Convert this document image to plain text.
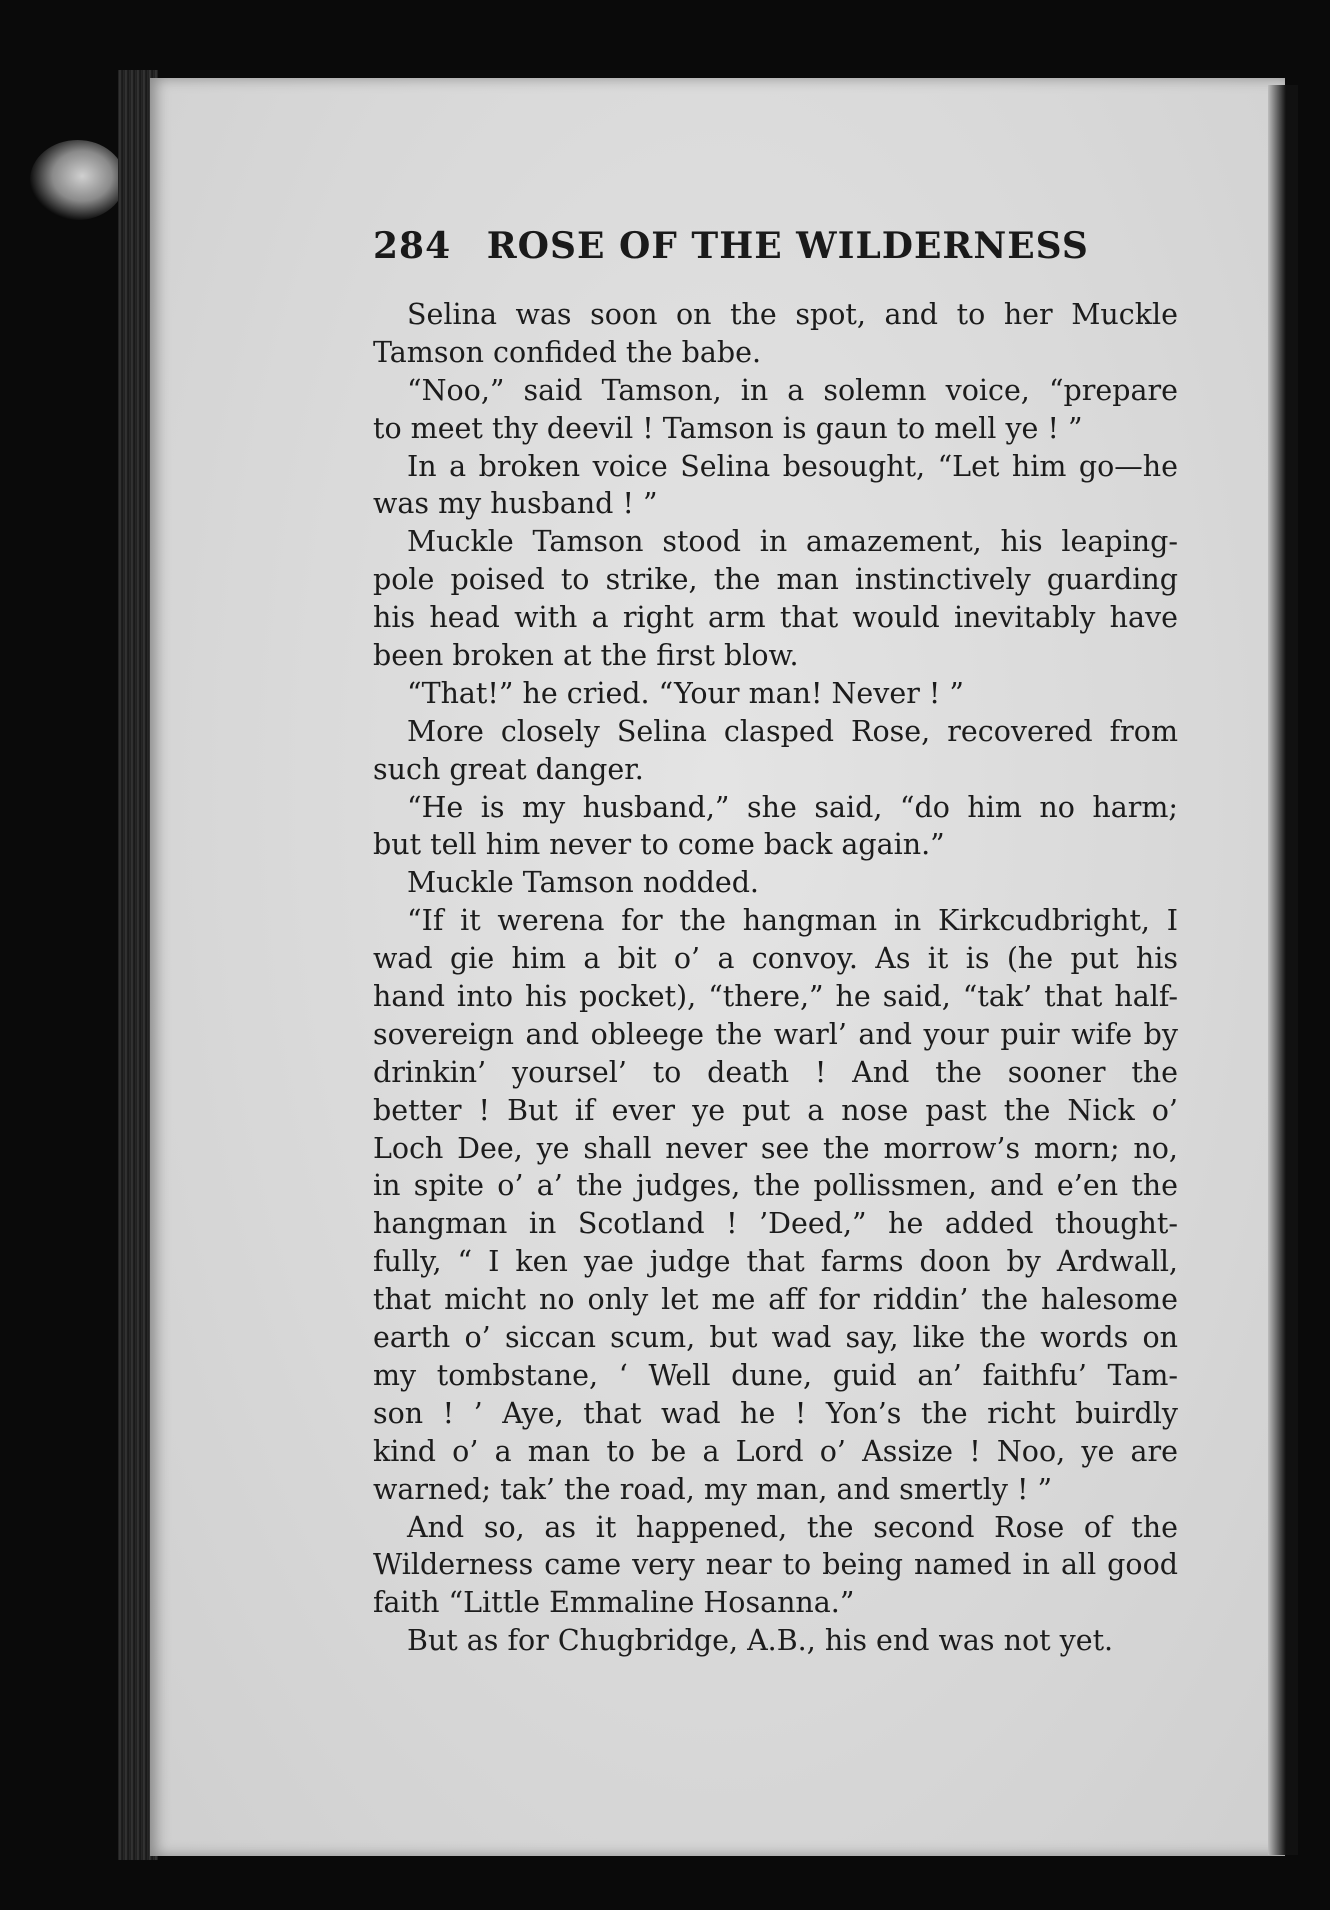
284 ROSE OF THE WILDERNESS
Selina was soon on the spot, and to her Muckle
Tamson confided the babe.
“Noo,” said Tamson, in a solemn voice, “prepare
to meet thy deevil ! Tamson is gaun to mell ye ! ”
In a broken voice Selina besought, “Let him go—he
was my husband ! ”
Muckle Tamson stood in amazement, his leaping-
pole poised to strike, the man instinctively guarding
his head with a right arm that would inevitably have
been broken at the first blow.
“That!” he cried. “Your man! Never ! ”
More closely Selina clasped Rose, recovered from
such great danger.
“He is my husband,” she said, “do him no harm;
but tell him never to come back again.”
Muckle Tamson nodded.
“If it werena for the hangman in Kirkcudbright, I
wad gie him a bit o’ a convoy. As it is (he put his
hand into his pocket), “there,” he said, “tak’ that half-
sovereign and obleege the warl’ and your puir wife by
drinkin’ yoursel’ to death ! And the sooner the
better ! But if ever ye put a nose past the Nick o’
Loch Dee, ye shall never see the morrow’s morn; no,
in spite o’ a’ the judges, the pollissmen, and e’en the
hangman in Scotland ! ’Deed,” he added thought-
fully, “ I ken yae judge that farms doon by Ardwall,
that micht no only let me aff for riddin’ the halesome
earth o’ siccan scum, but wad say, like the words on
my tombstane, ‘ Well dune, guid an’ faithfu’ Tam-
son ! ’ Aye, that wad he ! Yon’s the richt buirdly
kind o’ a man to be a Lord o’ Assize ! Noo, ye are
warned; tak’ the road, my man, and smertly ! ”
And so, as it happened, the second Rose of the
Wilderness came very near to being named in all good
faith “Little Emmaline Hosanna.”
But as for Chugbridge, A.B., his end was not yet.
